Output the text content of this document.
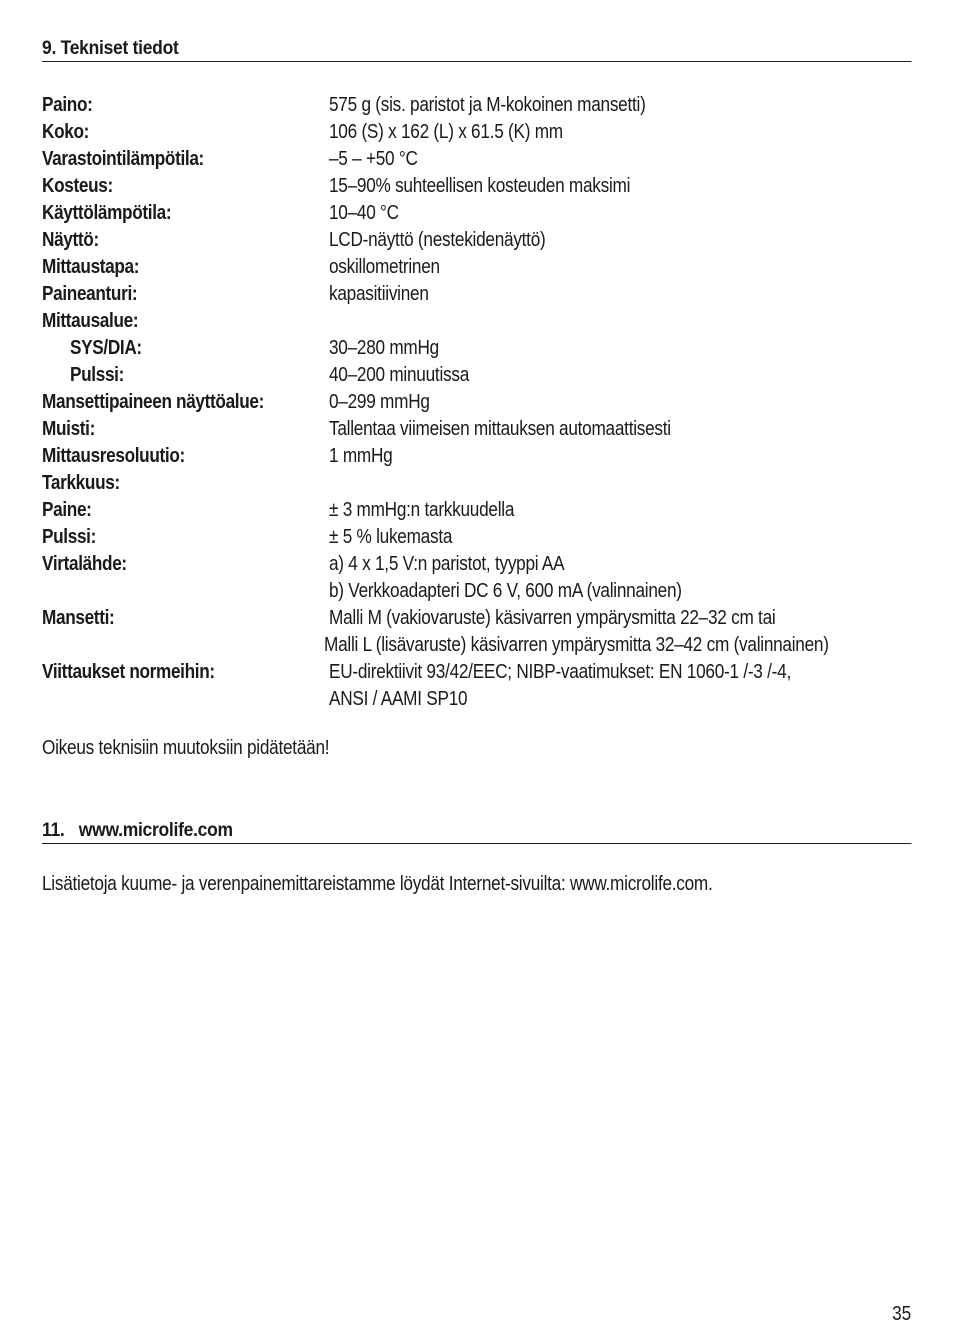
9. Tekniset tiedot
Paino:	575 g (sis. paristot ja M-kokoinen mansetti)
Koko:	106 (S) x 162 (L) x 61.5 (K) mm
Varastointilämpötila:	–5 – +50 °C
Kosteus:	15–90% suhteellisen kosteuden maksimi
Käyttölämpötila:	10–40 °C
Näyttö:	LCD-näyttö (nestekidenäyttö)
Mittaustapa:	oskillometrinen
Paineanturi:	kapasitiivinen
Mittausalue:
SYS/DIA:	30–280 mmHg
Pulssi:	40–200 minuutissa
Mansettipaineen näyttöalue:	0–299 mmHg
Muisti:	Tallentaa viimeisen mittauksen automaattisesti
Mittausresoluutio:	1 mmHg
Tarkkuus:
Paine:	± 3 mmHg:n tarkkuudella
Pulssi:	± 5 % lukemasta
Virtalähde:	a) 4 x 1,5 V:n paristot, tyyppi AA
b) Verkkoadapteri DC 6 V, 600 mA (valinnainen)
Mansetti:	Malli M (vakiovaruste) käsivarren ympärysmitta 22–32 cm tai
Malli L (lisävaruste) käsivarren ympärysmitta 32–42 cm (valinnainen)
Viittaukset normeihin:	EU-direktiivit 93/42/EEC; NIBP-vaatimukset: EN 1060-1 /-3 /-4,
ANSI / AAMI SP10
Oikeus teknisiin muutoksiin pidätetään!
11. www.microlife.com
Lisätietoja kuume- ja verenpainemittareistamme löydät Internet-sivuilta: www.microlife.com.
35
